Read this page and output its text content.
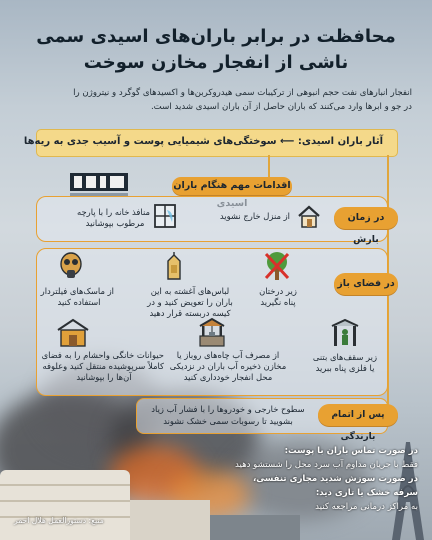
محافظت در برابر باران‌های اسیدی سمی
ناشی از انفجار مخازن سوخت
انفجار انبارهای نفت حجم انبوهی از ترکیبات سمی هیدروکربن‌ها و اکسیدهای گوگرد و نیتروژن را
در جو و ابرها وارد می‌کنند که باران حاصل از آن باران اسیدی شدید است.
آثار باران اسیدی: ⟵ سوختگی‌های شیمیایی پوست و آسیب جدی به ریه‌ها
اقدامات مهم هنگام باران
در زمان بارش
از منزل خارج نشوید
منافذ خانه را با پارچه
مرطوب بپوشانید
در فضای باز
زیر درختان
پناه نگیرید
لباس‌های آغشته به این
باران را تعویض کنید و در
کیسه دربسته قرار دهید
از ماسک‌های فیلتردار
استفاده کنید
زیر سقف‌های بتنی
یا فلزی پناه ببرید
از مصرف آب چاه‌های روباز یا
مخازن ذخیره آب باران در نزدیکی
محل انفجار خودداری کنید
حیوانات خانگی واحشام را به فضای
کاملاً سرپوشیده منتقل کنید وعلوفه
آن‌ها را بپوشانید
پس از اتمام بارندگی
سطوح خارجی و خودروها را با فشار آب زیاد
بشویید تا رسوبات سمی خشک نشوند
در صورت تماس باران با پوست:
فقط با جریان مداوم آب سرد محل را شستشو دهید
در صورت سوزش شدید مجاری تنفسی،
سرفه خشک یا تاری دید:
به مراکز درمانی مراجعه کنید
منبع: دستورالعمل هلال احمر
